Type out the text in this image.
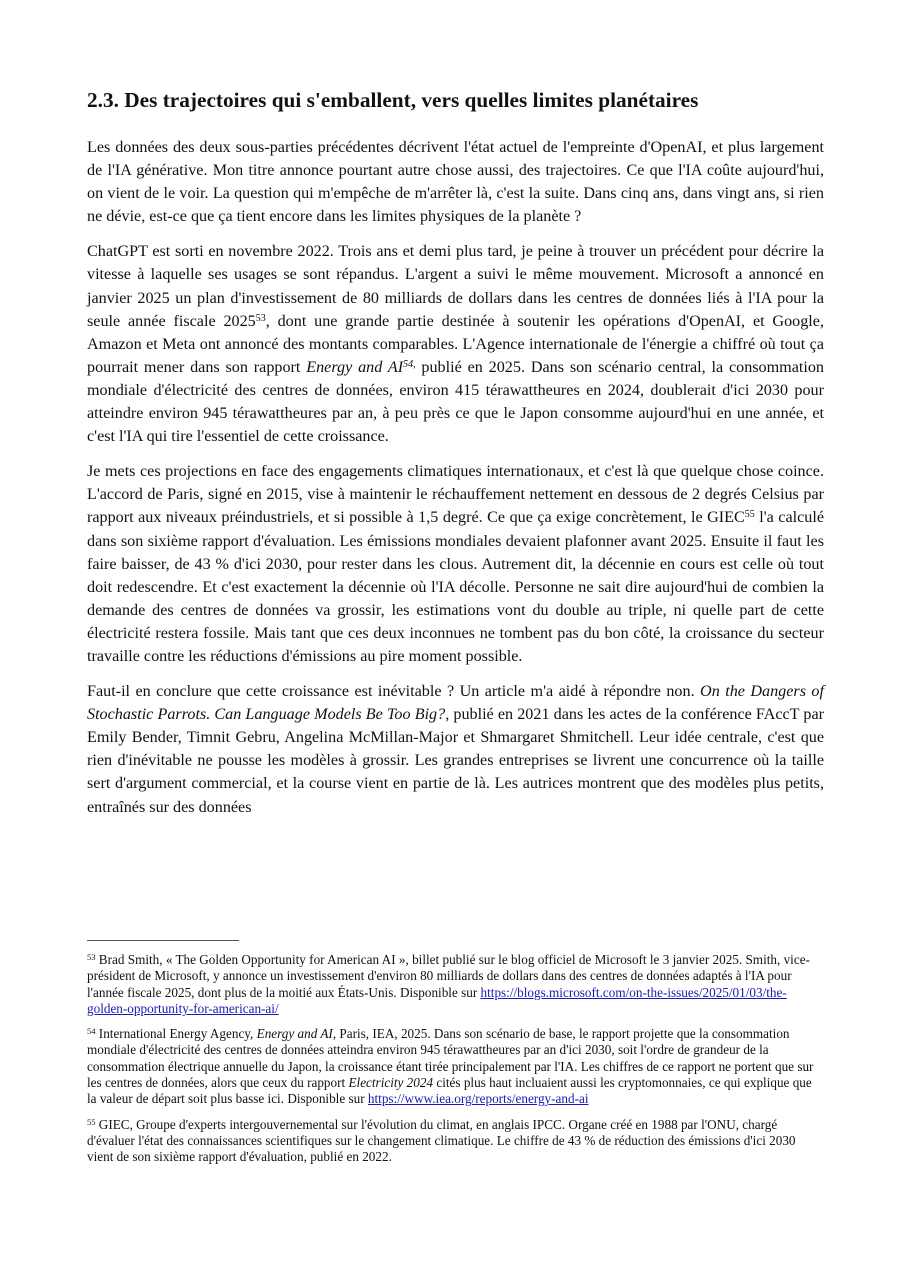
2.3. Des trajectoires qui s'emballent, vers quelles limites planétaires

Les données des deux sous-parties précédentes décrivent l'état actuel de l'empreinte d'OpenAI, et plus largement de l'IA générative. Mon titre annonce pourtant autre chose aussi, des trajectoires. Ce que l'IA coûte aujourd'hui, on vient de le voir. La question qui m'empêche de m'arrêter là, c'est la suite. Dans cinq ans, dans vingt ans, si rien ne dévie, est-ce que ça tient encore dans les limites physiques de la planète ?

ChatGPT est sorti en novembre 2022. Trois ans et demi plus tard, je peine à trouver un précédent pour décrire la vitesse à laquelle ses usages se sont répandus. L'argent a suivi le même mouvement. Microsoft a annoncé en janvier 2025 un plan d'investissement de 80 milliards de dollars dans les centres de données liés à l'IA pour la seule année fiscale 2025$^{53}$, dont une grande partie destinée à soutenir les opérations d'OpenAI, et Google, Amazon et Meta ont annoncé des montants comparables. L'Agence internationale de l'énergie a chiffré où tout ça pourrait mener dans son rapport Energy and $AI^{54,}$ publié en 2025. Dans son scénario central, la consommation mondiale d'électricité des centres de données, environ 415 térawattheures en 2024, doublerait d'ici 2030 pour atteindre environ 945 térawattheures par an, à peu près ce que le Japon consomme aujourd'hui en une année, et c'est l'IA qui tire l'essentiel de cette croissance.

Je mets ces projections en face des engagements climatiques internationaux, et c'est là que quelque chose coince. L'accord de Paris, signé en 2015, vise à maintenir le réchauffement nettement en dessous de 2 degrés Celsius par rapport aux niveaux préindustriels, et si possible à 1,5 degré. Ce que ça exige concrètement, le GIEC$^{55}$ l'a calculé dans son sixième rapport d'évaluation. Les émissions mondiales devaient plafonner avant 2025. Ensuite il faut les faire baisser, de 43 % d'ici 2030, pour rester dans les clous. Autrement dit, la décennie en cours est celle où tout doit redescendre. Et c'est exactement la décennie où l'IA décolle. Personne ne sait dire aujourd'hui de combien la demande des centres de données va grossir, les estimations vont du double au triple, ni quelle part de cette électricité restera fossile. Mais tant que ces deux inconnues ne tombent pas du bon côté, la croissance du secteur travaille contre les réductions d'émissions au pire moment possible.

Faut-il en conclure que cette croissance est inévitable ? Un article m'a aidé à répondre non. On the Dangers of Stochastic Parrots. Can Language Models Be Too Big?, publié en 2021 dans les actes de la conférence FAccT par Emily Bender, Timnit Gebru, Angelina McMillan-Major et Shmargaret Shmitchell. Leur idée centrale, c'est que rien d'inévitable ne pousse les modèles à grossir. Les grandes entreprises se livrent une concurrence où la taille sert d'argument commercial, et la course vient en partie de là. Les autrices montrent que des modèles plus petits, entraînés sur des données

$^{53}$ Brad Smith, « The Golden Opportunity for American AI », billet publié sur le blog officiel de Microsoft le 3 janvier 2025. Smith, vice-président de Microsoft, y annonce un investissement d'environ 80 milliards de dollars dans des centres de données adaptés à l'IA pour l'année fiscale 2025, dont plus de la moitié aux États-Unis. Disponible sur https://blogs.microsoft.com/on-the-issues/2025/01/03/the-golden-opportunity-for-american-ai/

$^{54}$ International Energy Agency, Energy and AI, Paris, IEA, 2025. Dans son scénario de base, le rapport projette que la consommation mondiale d'électricité des centres de données atteindra environ 945 térawattheures par an d'ici 2030, soit l'ordre de grandeur de la consommation électrique annuelle du Japon, la croissance étant tirée principalement par l'IA. Les chiffres de ce rapport ne portent que sur les centres de données, alors que ceux du rapport Electricity 2024 cités plus haut incluaient aussi les cryptomonnaies, ce qui explique que la valeur de départ soit plus basse ici. Disponible sur https://www.iea.org/reports/energy-and-ai

$^{55}$ GIEC, Groupe d'experts intergouvernemental sur l'évolution du climat, en anglais IPCC. Organe créé en 1988 par l'ONU, chargé d'évaluer l'état des connaissances scientifiques sur le changement climatique. Le chiffre de 43 % de réduction des émissions d'ici 2030 vient de son sixième rapport d'évaluation, publié en 2022.
